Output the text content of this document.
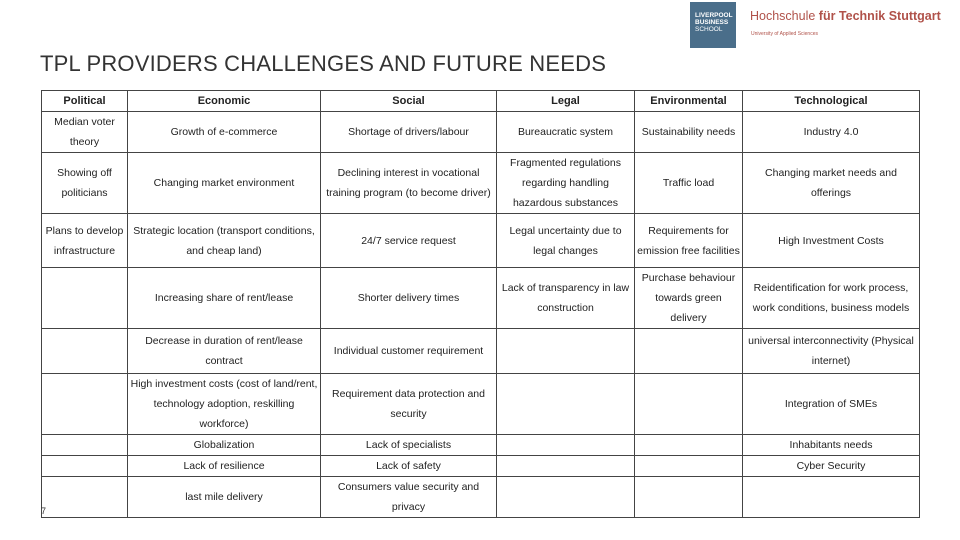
LIVERPOOL
BUSINESS
SCHOOL
Hochschule für Technik Stuttgart
University of Applied Sciences
TPL PROVIDERS CHALLENGES AND FUTURE NEEDS
Political	Economic	Social	Legal	Environmental	Technological
Median voter theory	Growth of e-commerce	Shortage of drivers/labour	Bureaucratic system	Sustainability needs	Industry 4.0
Showing off politicians	Changing market environment	Declining interest in vocational training program (to become driver)	Fragmented regulations regarding handling hazardous substances	Traffic load	Changing market needs and offerings
Plans to develop infrastructure	Strategic location (transport conditions, and cheap land)	24/7 service request	Legal uncertainty due to legal changes	Requirements for emission free facilities	High Investment Costs
	Increasing share of rent/lease	Shorter delivery times	Lack of transparency in law construction	Purchase behaviour towards green delivery	Reidentification for work process, work conditions, business models
	Decrease in duration of rent/lease contract	Individual customer requirement			universal interconnectivity (Physical internet)
	High investment costs (cost of land/rent, technology adoption, reskilling workforce)	Requirement data protection and security			Integration of SMEs
	Globalization	Lack of specialists			Inhabitants needs
	Lack of resilience	Lack of safety			Cyber Security
	last mile delivery	Consumers value security and privacy			
7
